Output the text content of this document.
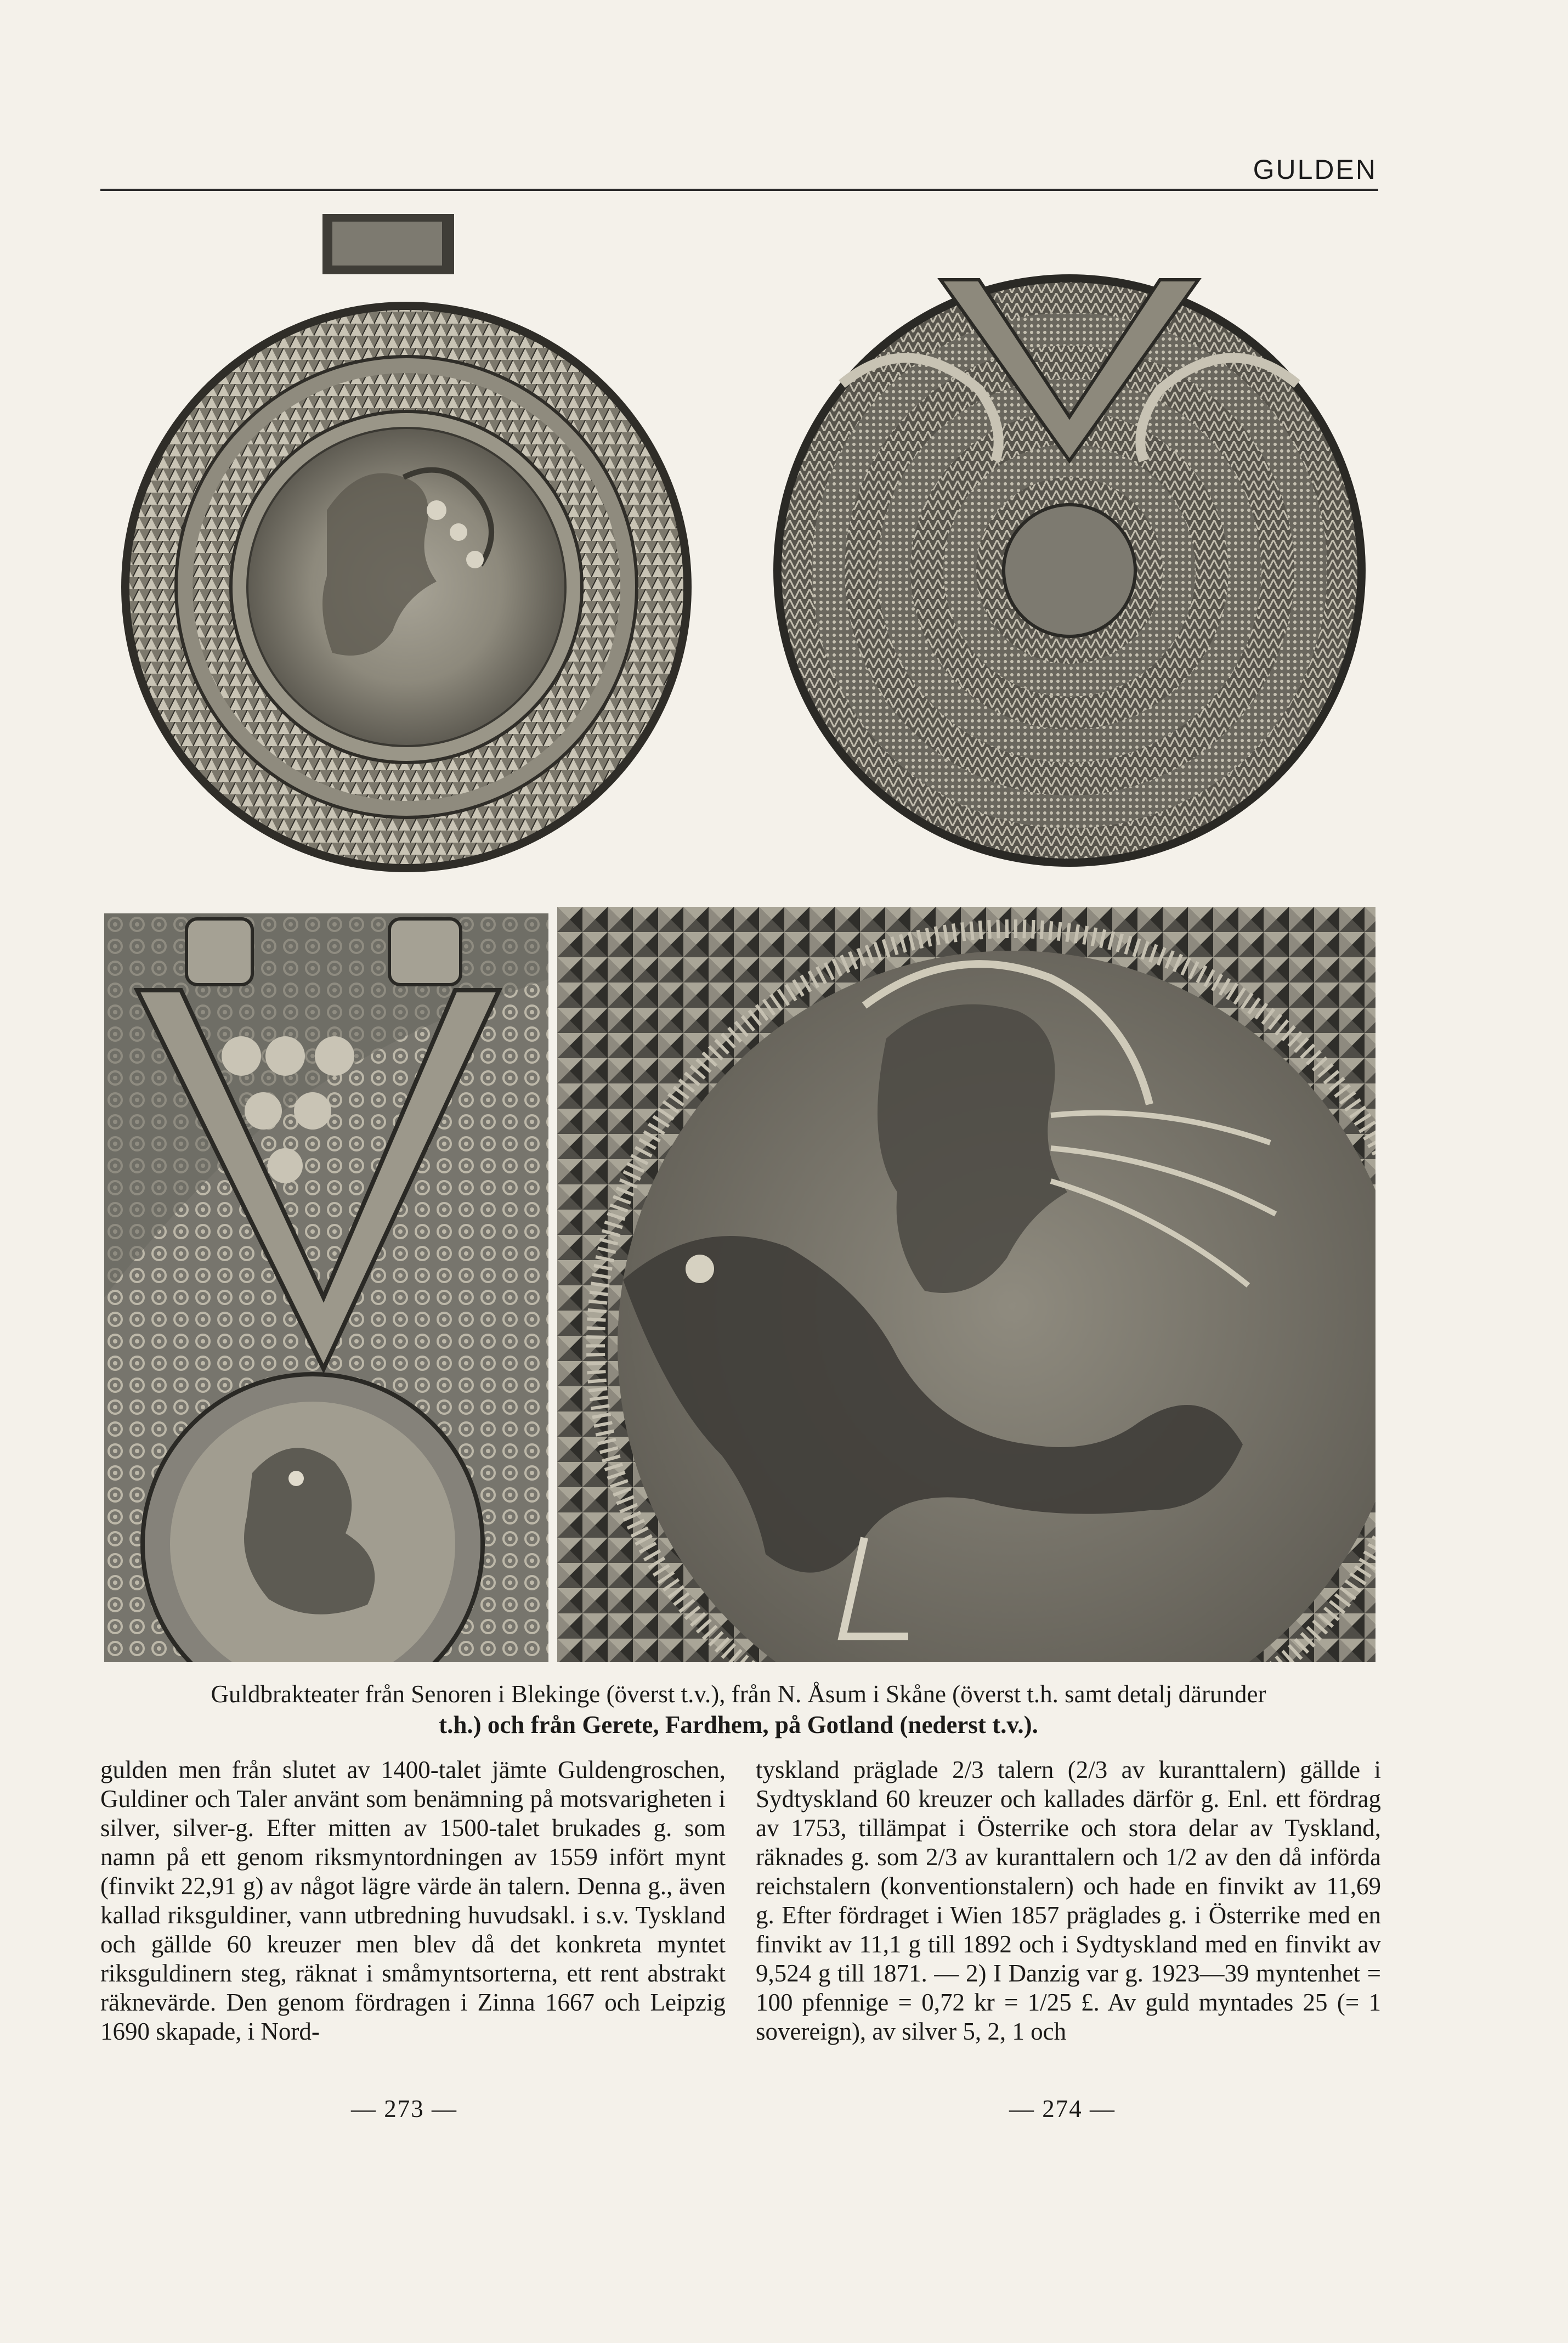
GULDEN
Guldbrakteater från Senoren i Blekinge (överst t.v.), från N. Åsum i Skåne (överst t.h. samt detalj därunder
t.h.) och från Gerete, Fardhem, på Gotland (nederst t.v.).

gulden men från slutet av 1400-talet jämte Guldengroschen, Guldiner och Taler använt som benämning på motsvarigheten i silver, silver-g. Efter mitten av 1500-talet brukades g. som namn på ett genom riksmyntordningen av 1559 infört mynt (finvikt 22,91 g) av något lägre värde än talern. Denna g., även kallad riksguldiner, vann utbredning huvudsakl. i s.v. Tyskland och gällde 60 kreuzer men blev då det konkreta myntet riksguldinern steg, räknat i småmyntsorterna, ett rent abstrakt räknevärde. Den genom fördragen i Zinna 1667 och Leipzig 1690 skapade, i Nord-

tyskland präglade 2/3 talern (2/3 av kuranttalern) gällde i Sydtyskland 60 kreuzer och kallades därför g. Enl. ett fördrag av 1753, tillämpat i Österrike och stora delar av Tyskland, räknades g. som 2/3 av kuranttalern och 1/2 av den då införda reichstalern (konventionstalern) och hade en finvikt av 11,69 g. Efter fördraget i Wien 1857 präglades g. i Österrike med en finvikt av 11,1 g till 1892 och i Sydtyskland med en finvikt av 9,524 g till 1871. — 2) I Danzig var g. 1923—39 myntenhet = 100 pfennige = 0,72 kr = 1/25 £. Av guld myntades 25 (= 1 sovereign), av silver 5, 2, 1 och

— 273 —	— 274 —
